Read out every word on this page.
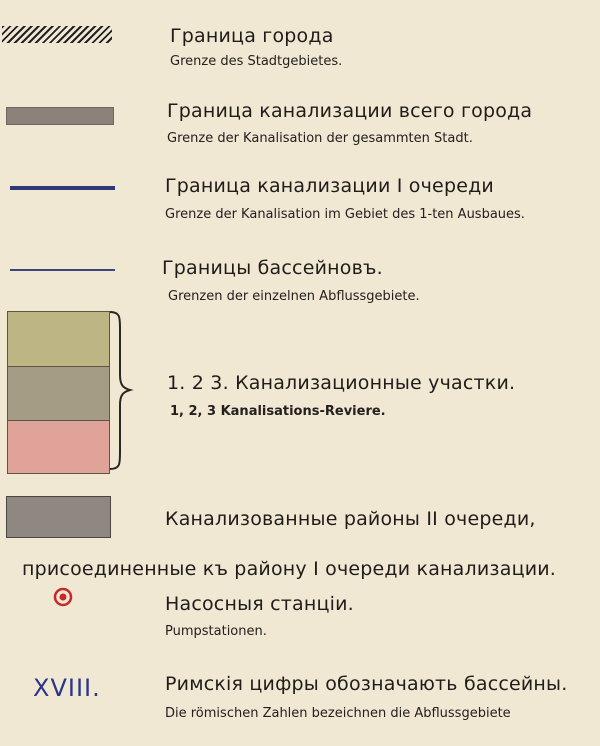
Граница города
Grenze des Stadtgebietes.
Граница канализации всего города
Grenze der Kanalisation der gesammten Stadt.
Граница канализации I очереди
Grenze der Kanalisation im Gebiet des 1-ten Ausbaues.
Границы бассейновъ.
Grenzen der einzelnen Abflussgebiete.
1. 2 3. Канализационные участки.
1, 2, 3 Kanalisations-Reviere.
Канализованные районы II очереди,
присоединенные къ району I очереди канализации.
Насосныя станціи.
Pumpstationen.
XVIII.	Римскія цифры обозначають бассейны.
Die römischen Zahlen bezeichnen die Abflussgebiete
